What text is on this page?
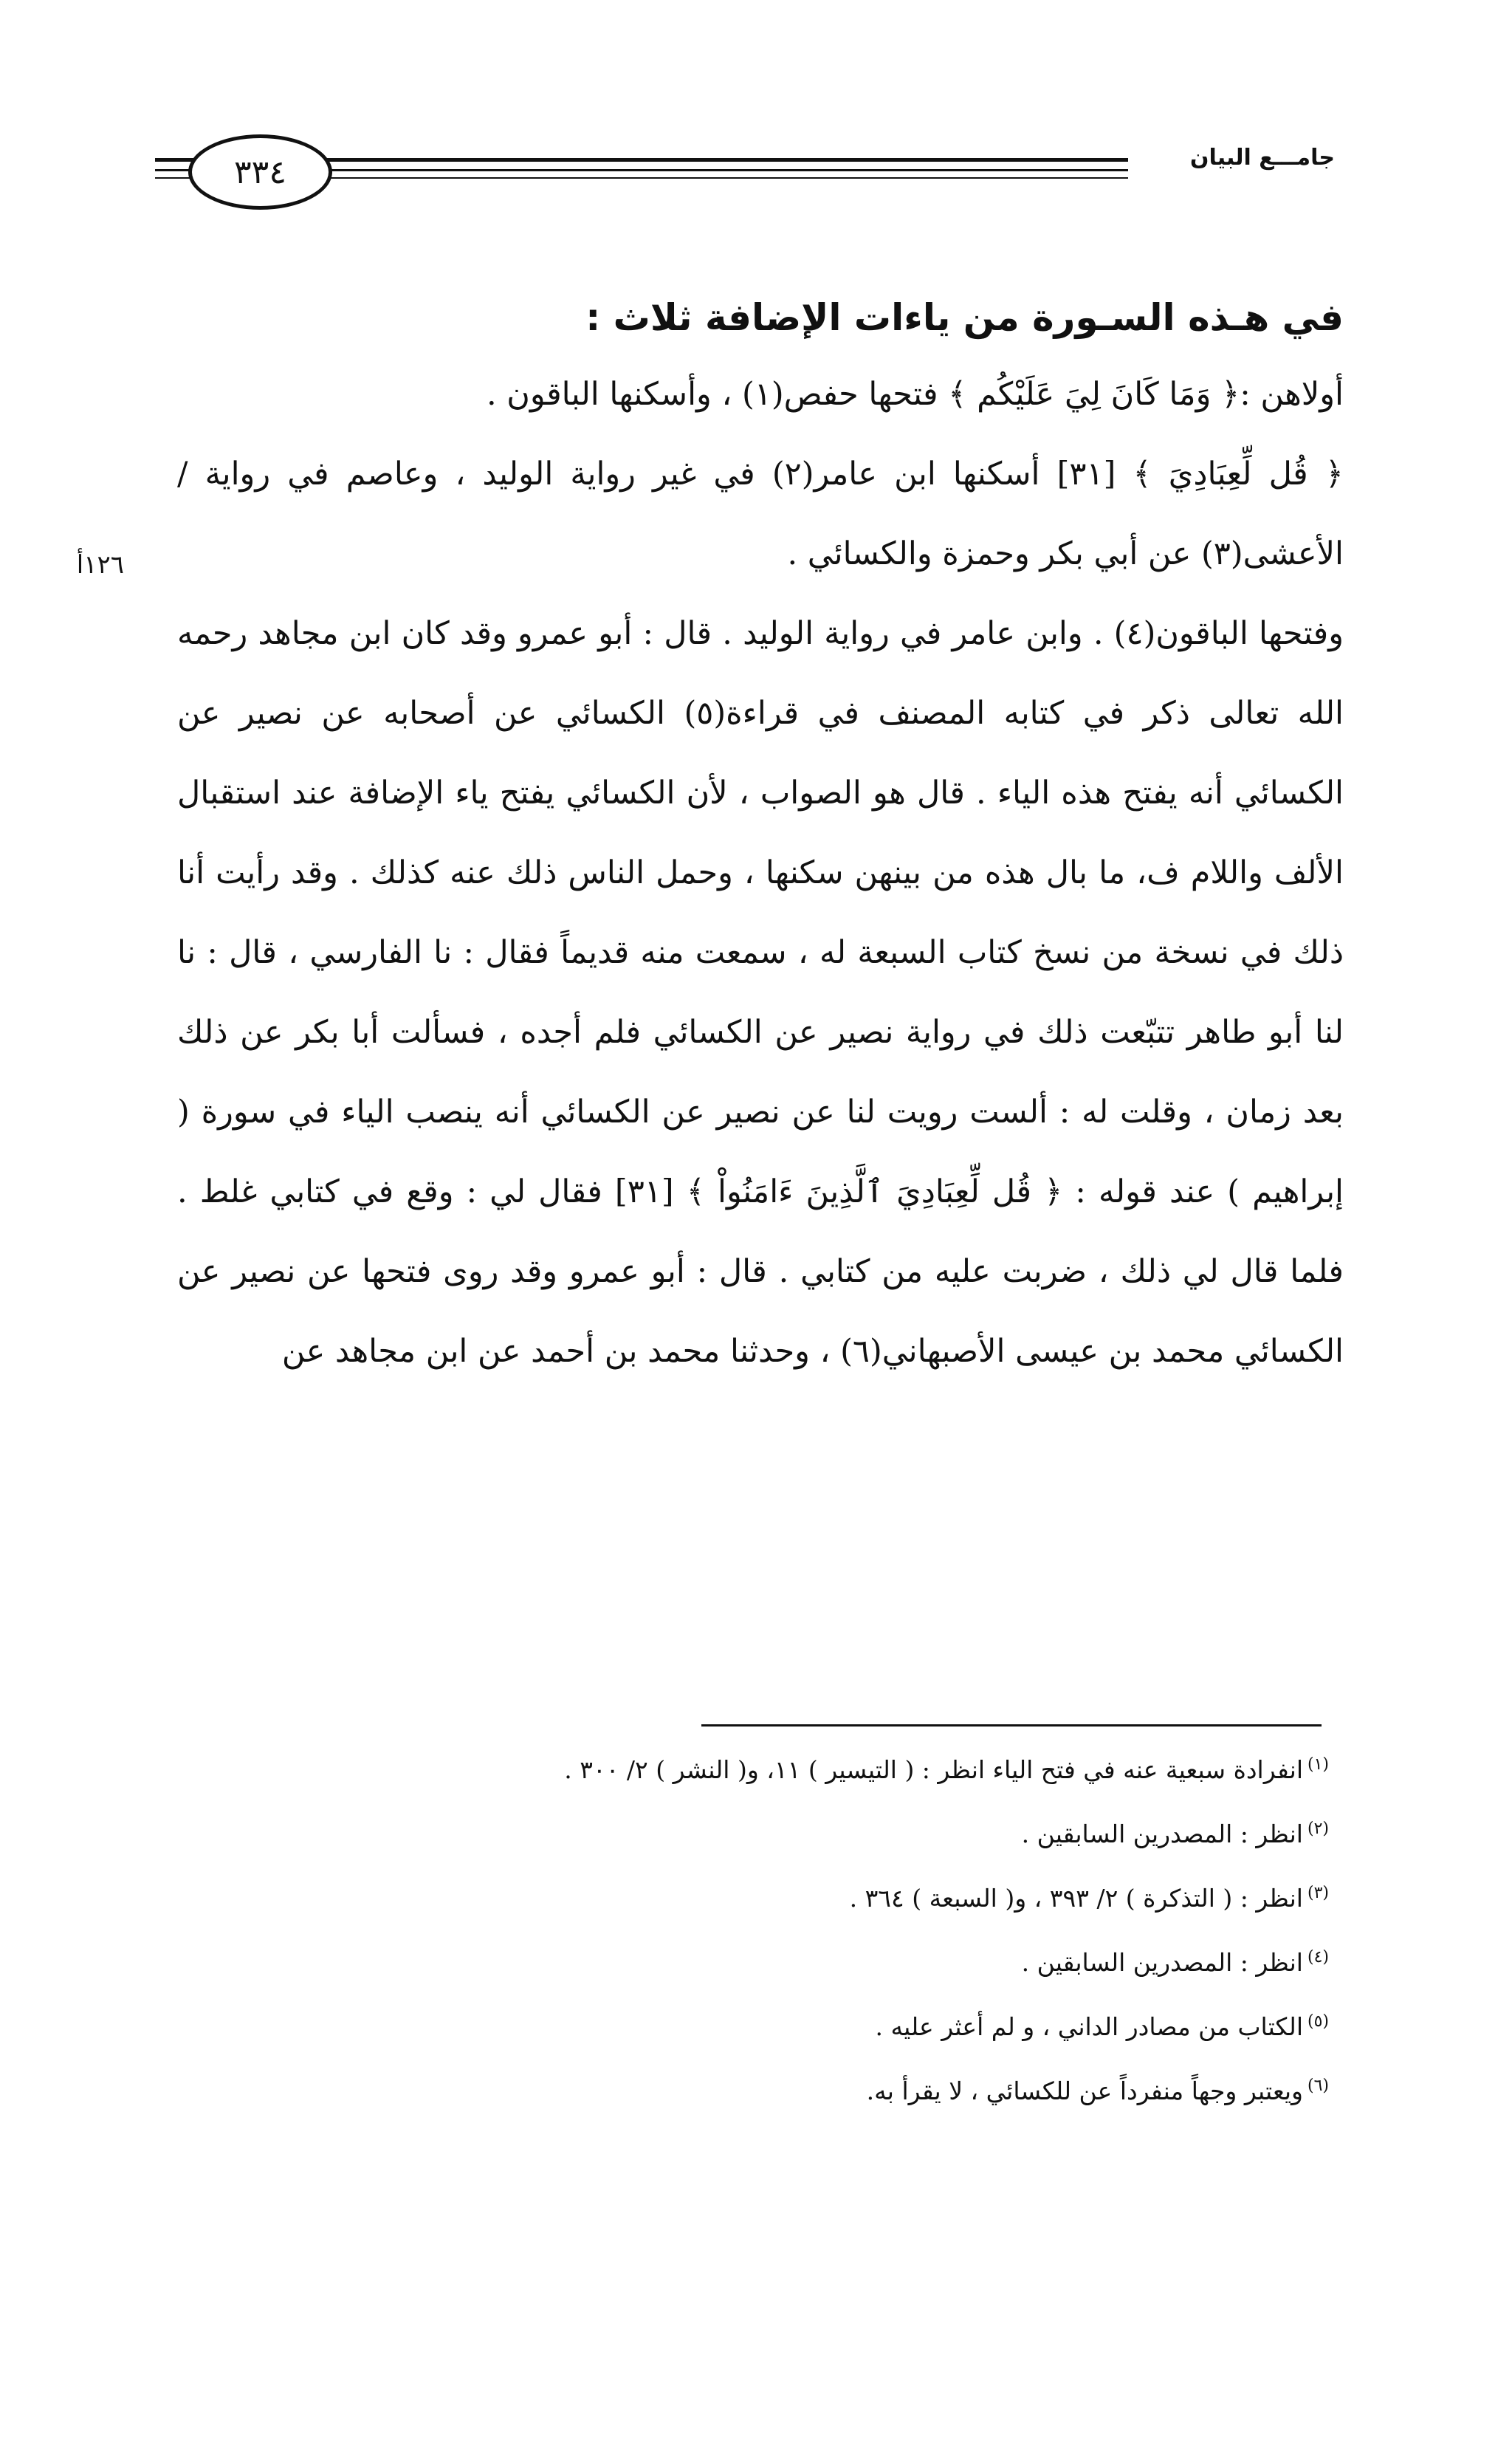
جامـــع البيان
٣٣٤
١٢٦أ

في هـذه السـورة من ياءات الإضافة ثلاث :

أولاهن :﴿ وَمَا كَانَ لِيَ عَلَيْكُم ﴾ فتحها حفص(١) ، وأسكنها الباقون .

﴿ قُل لِّعِبَادِيَ ﴾ [٣١] أسكنها ابن عامر(٢) في غير رواية الوليد ، وعاصم في رواية / الأعشى(٣) عن أبي بكر وحمزة والكسائي .

وفتحها الباقون(٤) . وابن عامر في رواية الوليد . قال : أبو عمرو وقد كان ابن مجاهد رحمه الله تعالى ذكر في كتابه المصنف في قراءة(٥) الكسائي عن أصحابه عن نصير عن الكسائي أنه يفتح هذه الياء . قال هو الصواب ، لأن الكسائي يفتح ياء الإضافة عند استقبال الألف واللام ف، ما بال هذه من بينهن سكنها ، وحمل الناس ذلك عنه كذلك . وقد رأيت أنا ذلك في نسخة من نسخ كتاب السبعة له ، سمعت منه قديماً فقال : نا الفارسي ، قال : نا لنا أبو طاهر تتبّعت ذلك في رواية نصير عن الكسائي فلم أجده ، فسألت أبا بكر عن ذلك بعد زمان ، وقلت له : ألست رويت لنا عن نصير عن الكسائي أنه ينصب الياء في سورة ( إبراهيم ) عند قوله : ﴿ قُل لِّعِبَادِيَ ٱلَّذِينَ ءَامَنُواْ ﴾ [٣١] فقال لي : وقع في كتابي غلط . فلما قال لي ذلك ، ضربت عليه من كتابي . قال : أبو عمرو وقد روى فتحها عن نصير عن الكسائي محمد بن عيسى الأصبهاني(٦) ، وحدثنا محمد بن أحمد عن ابن مجاهد عن

$^{(١)}$انفرادة سبعية عنه في فتح الياء انظر : ( التيسير ) ١١، و( النشر ) ٢/ ٣٠٠ .

$^{(٢)}$انظر : المصدرين السابقين .

$^{(٣)}$انظر : ( التذكرة ) ٢/ ٣٩٣ ، و( السبعة ) ٣٦٤ .

$^{(٤)}$انظر : المصدرين السابقين .

$^{(٥)}$الكتاب من مصادر الداني ، و لم أعثر عليه .

$^{(٦)}$ويعتبر وجهاً منفرداً عن للكسائي ، لا يقرأ به.
